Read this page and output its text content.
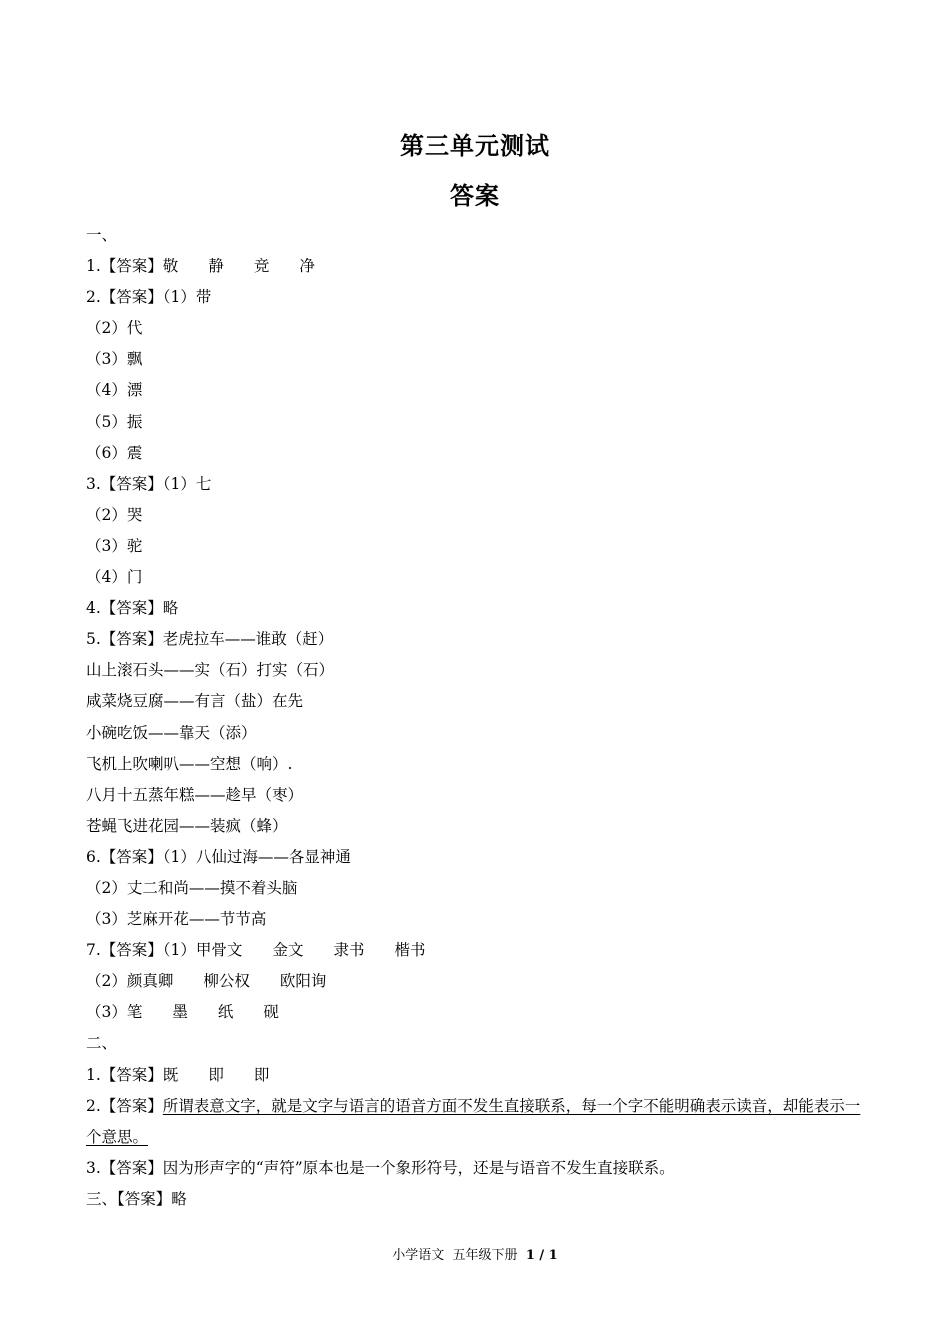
第三单元测试
答案
一、
1.【答案】敬 静 竞 净
2.【答案】（1）带
（2）代
（3）飘
（4）漂
（5）振
（6）震
3.【答案】（1）七
（2）哭
（3）驼
（4）门
4.【答案】略
5.【答案】老虎拉车——谁敢（赶）
山上滚石头——实（石）打实（石）
咸菜烧豆腐——有言（盐）在先
小碗吃饭——靠天（添）
飞机上吹喇叭——空想（响）.
八月十五蒸年糕——趁早（枣）
苍蝇飞进花园——装疯（蜂）
6.【答案】（1）八仙过海——各显神通
（2）丈二和尚——摸不着头脑
（3）芝麻开花——节节高
7.【答案】（1）甲骨文 金文 隶书 楷书
（2）颜真卿 柳公权 欧阳询
（3）笔 墨 纸 砚
二、
1.【答案】既 即 即
2.【答案】所谓表意文字，就是文字与语言的语音方面不发生直接联系，每一个字不能明确表示读音，却能表示一个意思。
3.【答案】因为形声字的“声符”原本也是一个象形符号，还是与语音不发生直接联系。
三、【答案】略
小学语文 五年级下册 1 / 1
